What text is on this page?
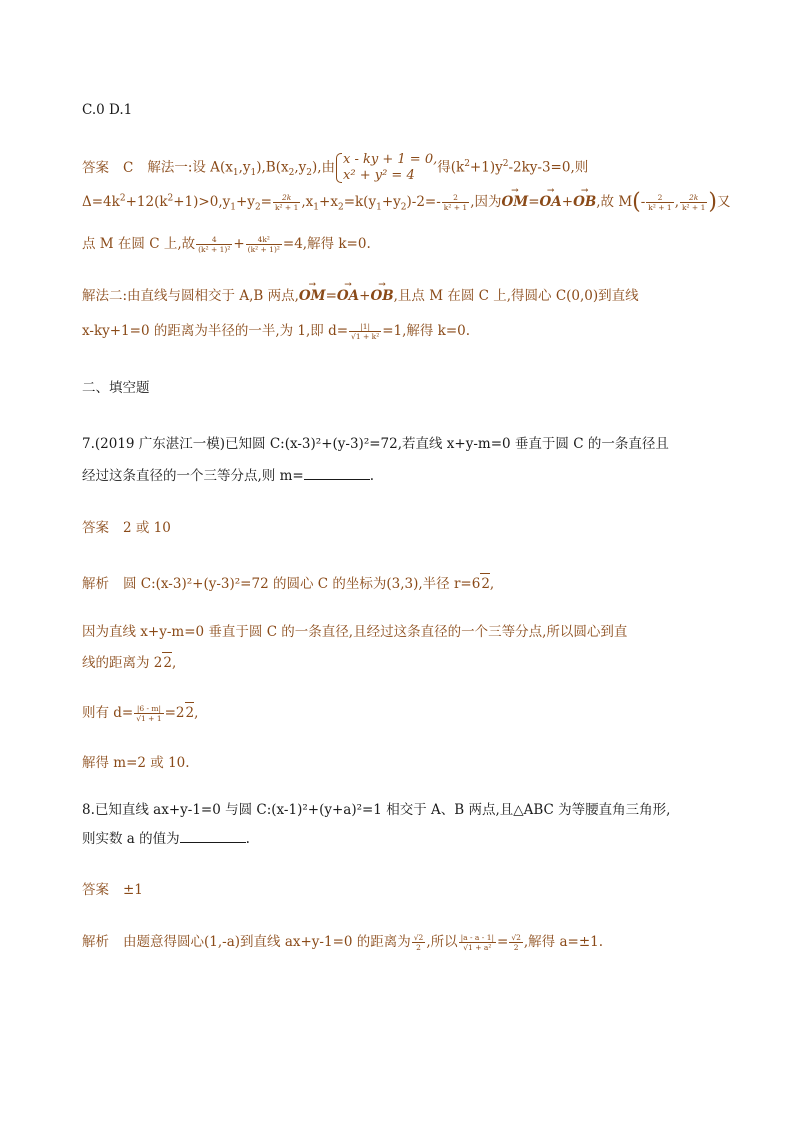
C.0 D.1
答案 C 解法一:设 $A(x_1,y_1),B(x_2,y_2)$,由 x - ky + 1 = 0,
x² + y² = 4	得$(k^2+1)y^2-2ky-3=0$,则
$\Delta=4k^2+12(k^2+1)>0,y_1+y_2= \frac{2k}{\text{k² + 1}} ,x_1+x_2=k(y_1+y_2)-2=- \frac{2}{\text{k² + 1}}$ ,因为OM →=OA →+OB →,故 $M(- \frac{2}{\text{k² + 1}}$ , $\frac{2k}{\text{k² + 1}}$ )又
点 M 在圆 C 上,故 $\frac{4}{\text{(k² + 1)²}} + \frac{\text{4k²}}{\text{(k² + 1)²}} =4$,解得 k=0.
解法二:由直线与圆相交于 A,B 两点,OM →=OA →+OB →,且点 M 在圆 C 上,得圆心 C(0,0)到直线
x-ky+1=0 的距离为半径的一半,为 1,即 $d= \frac{|1|}{\text{√1 + k²}} =1$,解得 k=0.
二、填空题
7.(2019 广东湛江一模)已知圆 C:(x-3)²+(y-3)²=72,若直线 x+y-m=0 垂直于圆 C 的一条直径且
经过这条直径的一个三等分点,则 m=	.
答案 2 或 10
解析 圆 C:(x-3)²+(y-3)²=72 的圆心 C 的坐标为(3,3),半径 r=62,
因为直线 x+y-m=0 垂直于圆 C 的一条直径,且经过这条直径的一个三等分点,所以圆心到直
线的距离为 22,
则有 $d= \frac{|6 - m|}{√1 + 1} =22$,
解得 m=2 或 10.
8.已知直线 ax+y-1=0 与圆 C:(x-1)²+(y+a)²=1 相交于 A、B 两点,且△ABC 为等腰直角三角形,
则实数 a 的值为	.
答案 ±1
解析 由题意得圆心(1,-a)到直线 ax+y-1=0 的距离为 $\frac{√2}{2}$ ,所以 $\frac{|a - a - 1|}{\text{√1 + a²}} = \frac{√2}{2}$ ,解得 a=±1.
